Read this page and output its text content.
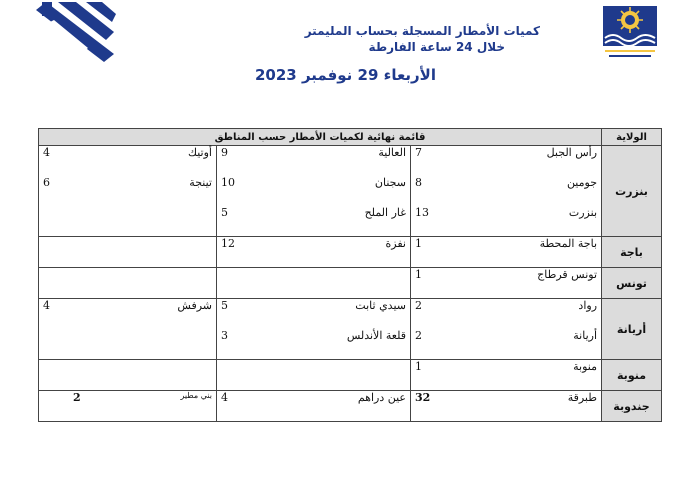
كميات الأمطار المسجلة بحساب المليمتر
خلال 24 ساعة الفارطة
الأربعاء 29 نوفمبر 2023
قائمة نهائية لكميات الأمطار حسب المناطق						الولاية
4	أوتيك	9	العالية	7	رأس الجبل	بنزرت
6	تينجة	10	سجنان	8	جومين	
		5	غار الملح	13	بنزرت	
		12	نفزة	1	باجة المحطة	باجة
				1	تونس قرطاج	تونس
4	شرفش	5	سيدي ثابت	2	رواد	أريانة
		3	قلعة الأندلس	2	أريانة	
				1	منوبة	منوبة
2	بني مطير	4	عين دراهم	32	طبرقة	جندوبة
